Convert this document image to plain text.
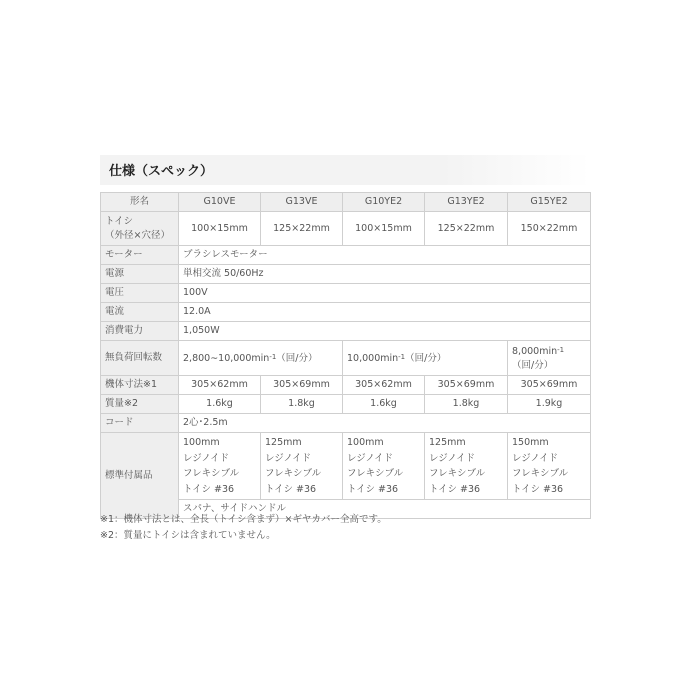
仕様（スペック）
形名	G10VE	G13VE	G10YE2	G13YE2	G15YE2

トイシ
（外径×穴径）	100×15mm	125×22mm	100×15mm	125×22mm	150×22mm
モーター	ブラシレスモーター				
電源	単相交流 50/60Hz				
電圧	100V				
電流	12.0A				
消費電力	1,050W				
無負荷回転数	$2,800\sim 10,000\min_{-1}$（回/分）		$10,000\min_{-1}$（回/分）		$8,000\min_{-1}$
（回/分）

機体寸法※1	305×62mm	305×69mm	305×62mm	305×69mm	305×69mm
質量※2	1.6kg	1.8kg	1.6kg	1.8kg	1.9kg
コード	2心･2.5m				
標準付属品	100mm
レジノイド
フレキシブル
トイシ #36	125mm
レジノイド
フレキシブル
トイシ #36	100mm
レジノイド
フレキシブル
トイシ #36	125mm
レジノイド
フレキシブル
トイシ #36	150mm
レジノイド
フレキシブル
トイシ #36

	スパナ、サイドハンドル				
※1：機体寸法とは、全長（トイシ含まず）×ギヤカバー全高です。
※2：質量にトイシは含まれていません。
